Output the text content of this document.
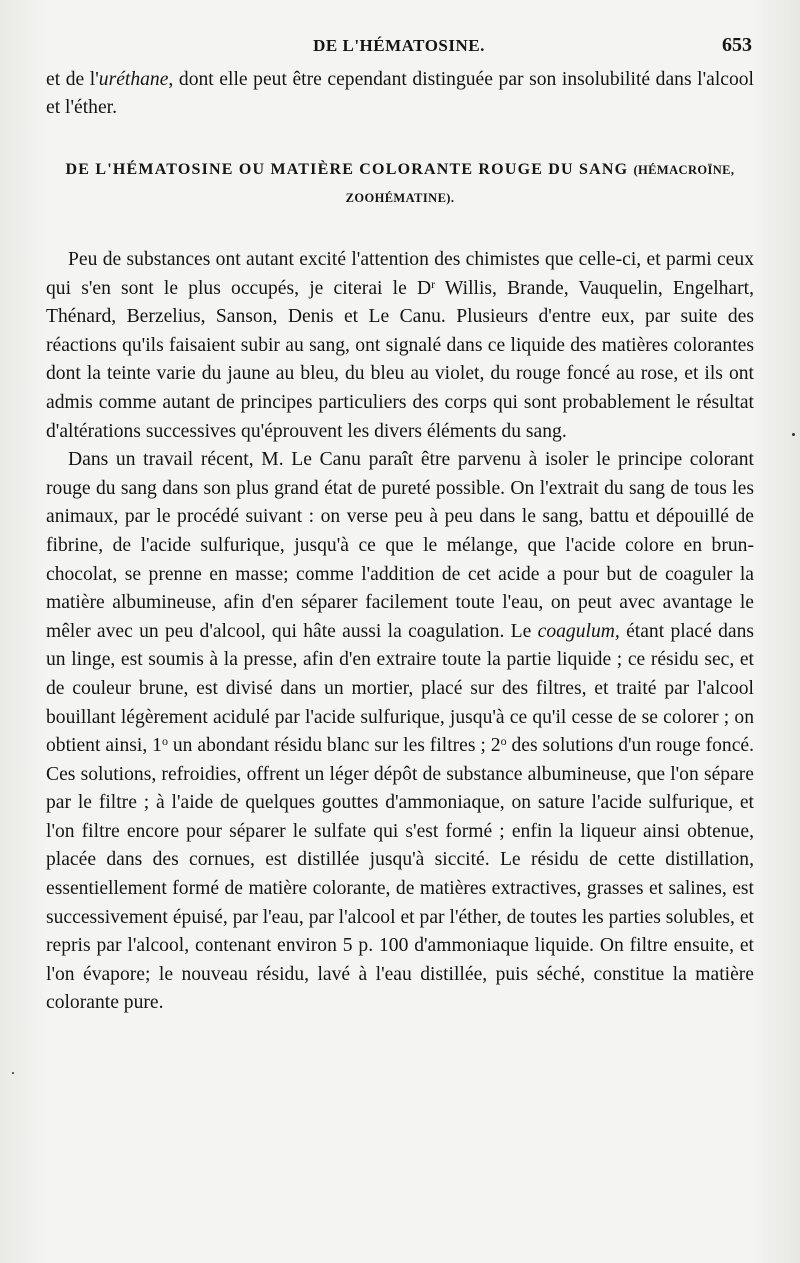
DE L'HÉMATOSINE.	653

et de l'uréthane, dont elle peut être cependant distinguée par son insolubilité dans l'alcool et l'éther.

DE L'HÉMATOSINE OU MATIÈRE COLORANTE ROUGE DU SANG (HÉMACROÏNE, ZOOHÉMATINE).

Peu de substances ont autant excité l'attention des chimistes que celle-ci, et parmi ceux qui s'en sont le plus occupés, je citerai le $D^r$ Willis, Brande, Vauquelin, Engelhart, Thénard, Berzelius, Sanson, Denis et Le Canu. Plusieurs d'entre eux, par suite des réactions qu'ils faisaient subir au sang, ont signalé dans ce liquide des matières colorantes dont la teinte varie du jaune au bleu, du bleu au violet, du rouge foncé au rose, et ils ont admis comme autant de principes particuliers des corps qui sont probablement le résultat d'altérations successives qu'éprouvent les divers éléments du sang.

Dans un travail récent, M. Le Canu paraît être parvenu à isoler le principe colorant rouge du sang dans son plus grand état de pureté possible. On l'extrait du sang de tous les animaux, par le procédé suivant : on verse peu à peu dans le sang, battu et dépouillé de fibrine, de l'acide sulfurique, jusqu'à ce que le mélange, que l'acide colore en brun-chocolat, se prenne en masse; comme l'addition de cet acide a pour but de coaguler la matière albumineuse, afin d'en séparer facilement toute l'eau, on peut avec avantage le mêler avec un peu d'alcool, qui hâte aussi la coagulation. Le coagulum, étant placé dans un linge, est soumis à la presse, afin d'en extraire toute la partie liquide ; ce résidu sec, et de couleur brune, est divisé dans un mortier, placé sur des filtres, et traité par l'alcool bouillant légèrement acidulé par l'acide sulfurique, jusqu'à ce qu'il cesse de se colorer ; on obtient ainsi, 1$^o$ un abondant résidu blanc sur les filtres ; 2$^o$ des solutions d'un rouge foncé. Ces solutions, refroidies, offrent un léger dépôt de substance albumineuse, que l'on sépare par le filtre ; à l'aide de quelques gouttes d'ammoniaque, on sature l'acide sulfurique, et l'on filtre encore pour séparer le sulfate qui s'est formé ; enfin la liqueur ainsi obtenue, placée dans des cornues, est distillée jusqu'à siccité. Le résidu de cette distillation, essentiellement formé de matière colorante, de matières extractives, grasses et salines, est successivement épuisé, par l'eau, par l'alcool et par l'éther, de toutes les parties solubles, et repris par l'alcool, contenant environ 5 p. 100 d'ammoniaque liquide. On filtre ensuite, et l'on évapore; le nouveau résidu, lavé à l'eau distillée, puis séché, constitue la matière colorante pure.
